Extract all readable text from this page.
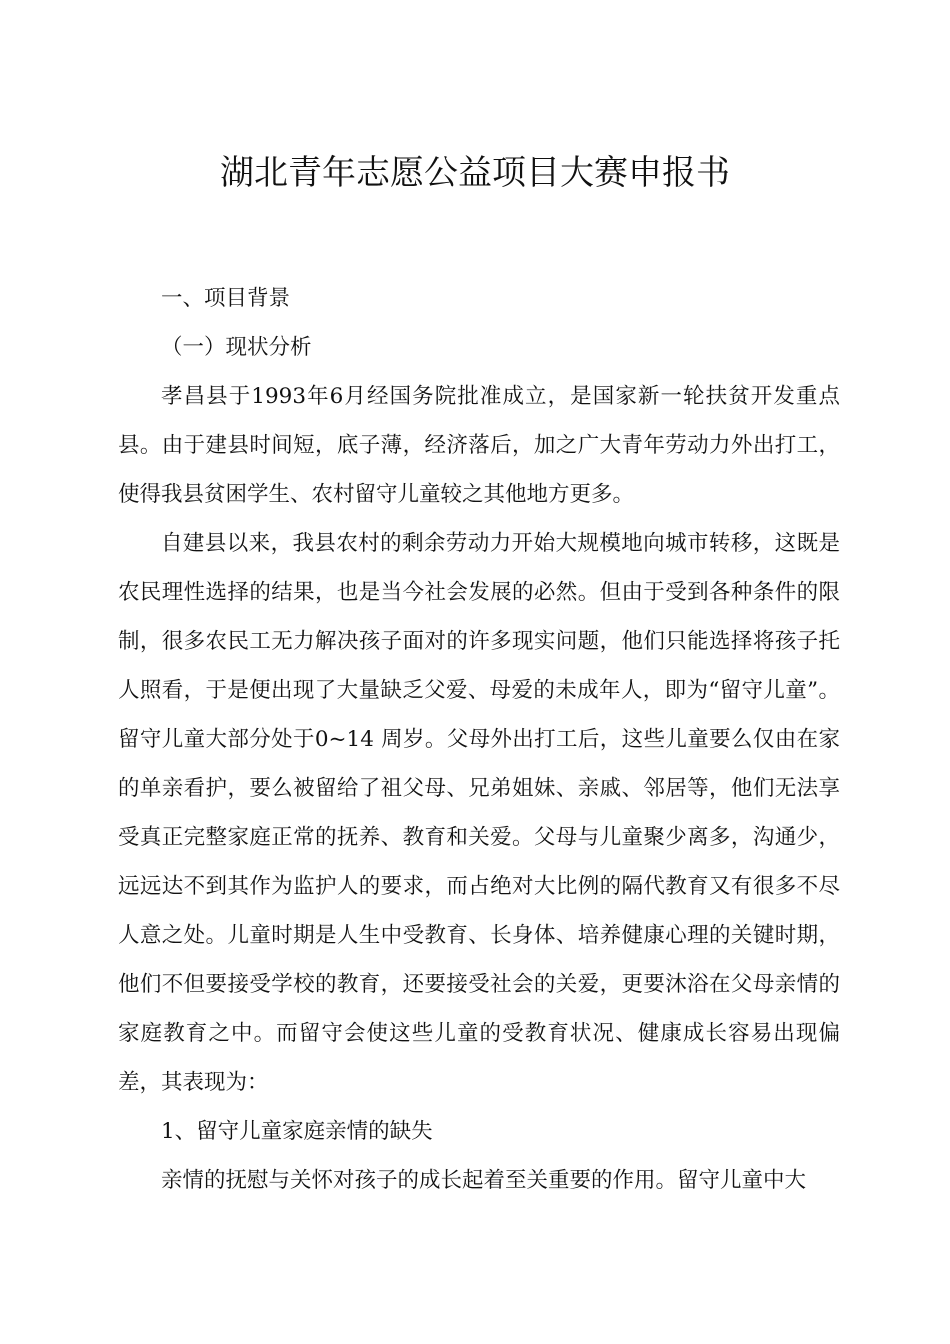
湖北青年志愿公益项目大赛申报书

一、项目背景

（一）现状分析

孝昌县于1993年6月经国务院批准成立，是国家新一轮扶贫开发重点县。由于建县时间短，底子薄，经济落后，加之广大青年劳动力外出打工，使得我县贫困学生、农村留守儿童较之其他地方更多。

自建县以来，我县农村的剩余劳动力开始大规模地向城市转移，这既是农民理性选择的结果，也是当今社会发展的必然。但由于受到各种条件的限制，很多农民工无力解决孩子面对的许多现实问题，他们只能选择将孩子托人照看，于是便出现了大量缺乏父爱、母爱的未成年人，即为“留守儿童”。留守儿童大部分处于0~14 周岁。父母外出打工后，这些儿童要么仅由在家的单亲看护，要么被留给了祖父母、兄弟姐妹、亲戚、邻居等，他们无法享受真正完整家庭正常的抚养、教育和关爱。父母与儿童聚少离多，沟通少，远远达不到其作为监护人的要求，而占绝对大比例的隔代教育又有很多不尽人意之处。儿童时期是人生中受教育、长身体、培养健康心理的关键时期，他们不但要接受学校的教育，还要接受社会的关爱，更要沐浴在父母亲情的家庭教育之中。而留守会使这些儿童的受教育状况、健康成长容易出现偏差，其表现为：

1、留守儿童家庭亲情的缺失

亲情的抚慰与关怀对孩子的成长起着至关重要的作用。留守儿童中大
